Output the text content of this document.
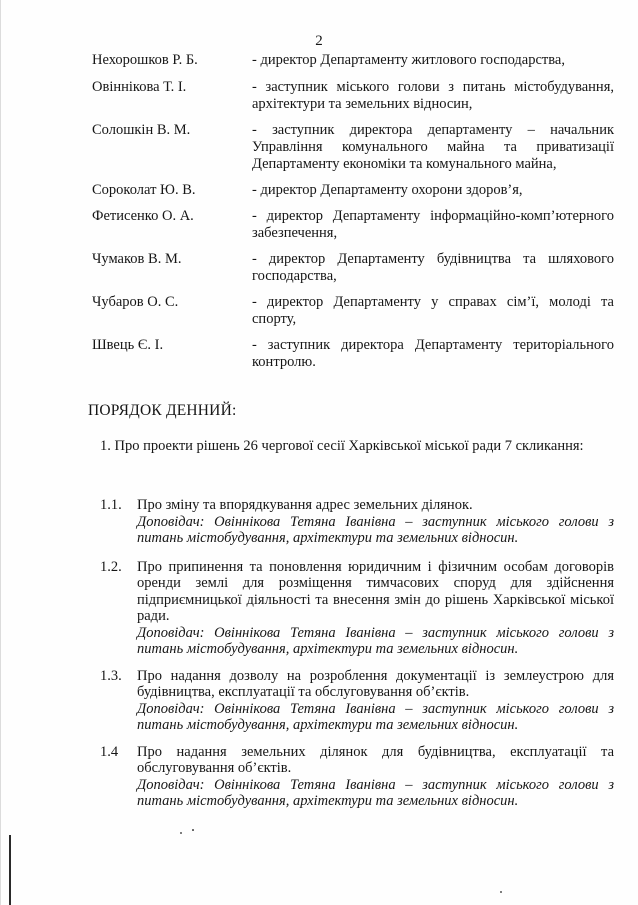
2
Нехорошков Р. Б.	- директор Департаменту житлового господарства,
Овіннікова Т. І.	- заступник міського голови з питань містобудування, архітектури та земельних відносин,
Солошкін В. М.	- заступник директора департаменту – начальник Управління комунального майна та приватизації Департаменту економіки та комунального майна,
Сороколат Ю. В.	- директор Департаменту охорони здоров’я,
Фетисенко О. А.	- директор Департаменту інформаційно-комп’ютерного забезпечення,
Чумаков В. М.	- директор Департаменту будівництва та шляхового господарства,
Чубаров О. С.	- директор Департаменту у справах сім’ї, молоді та спорту,
Швець Є. І.	- заступник директора Департаменту територіального контролю.
ПОРЯДОК ДЕННИЙ:
1. Про проекти рішень 26 чергової сесії Харківської міської ради 7 скликання:
1.1. Про зміну та впорядкування адрес земельних ділянок.
Доповідач: Овіннікова Тетяна Іванівна – заступник міського голови з питань містобудування, архітектури та земельних відносин.
1.2. Про припинення та поновлення юридичним і фізичним особам договорів оренди землі для розміщення тимчасових споруд для здійснення підприємницької діяльності та внесення змін до рішень Харківської міської ради.
Доповідач: Овіннікова Тетяна Іванівна – заступник міського голови з питань містобудування, архітектури та земельних відносин.
1.3. Про надання дозволу на розроблення документації із землеустрою для будівництва, експлуатації та обслуговування об’єктів.
Доповідач: Овіннікова Тетяна Іванівна – заступник міського голови з питань містобудування, архітектури та земельних відносин.
1.4 Про надання земельних ділянок для будівництва, експлуатації та обслуговування об’єктів.
Доповідач: Овіннікова Тетяна Іванівна – заступник міського голови з питань містобудування, архітектури та земельних відносин.
